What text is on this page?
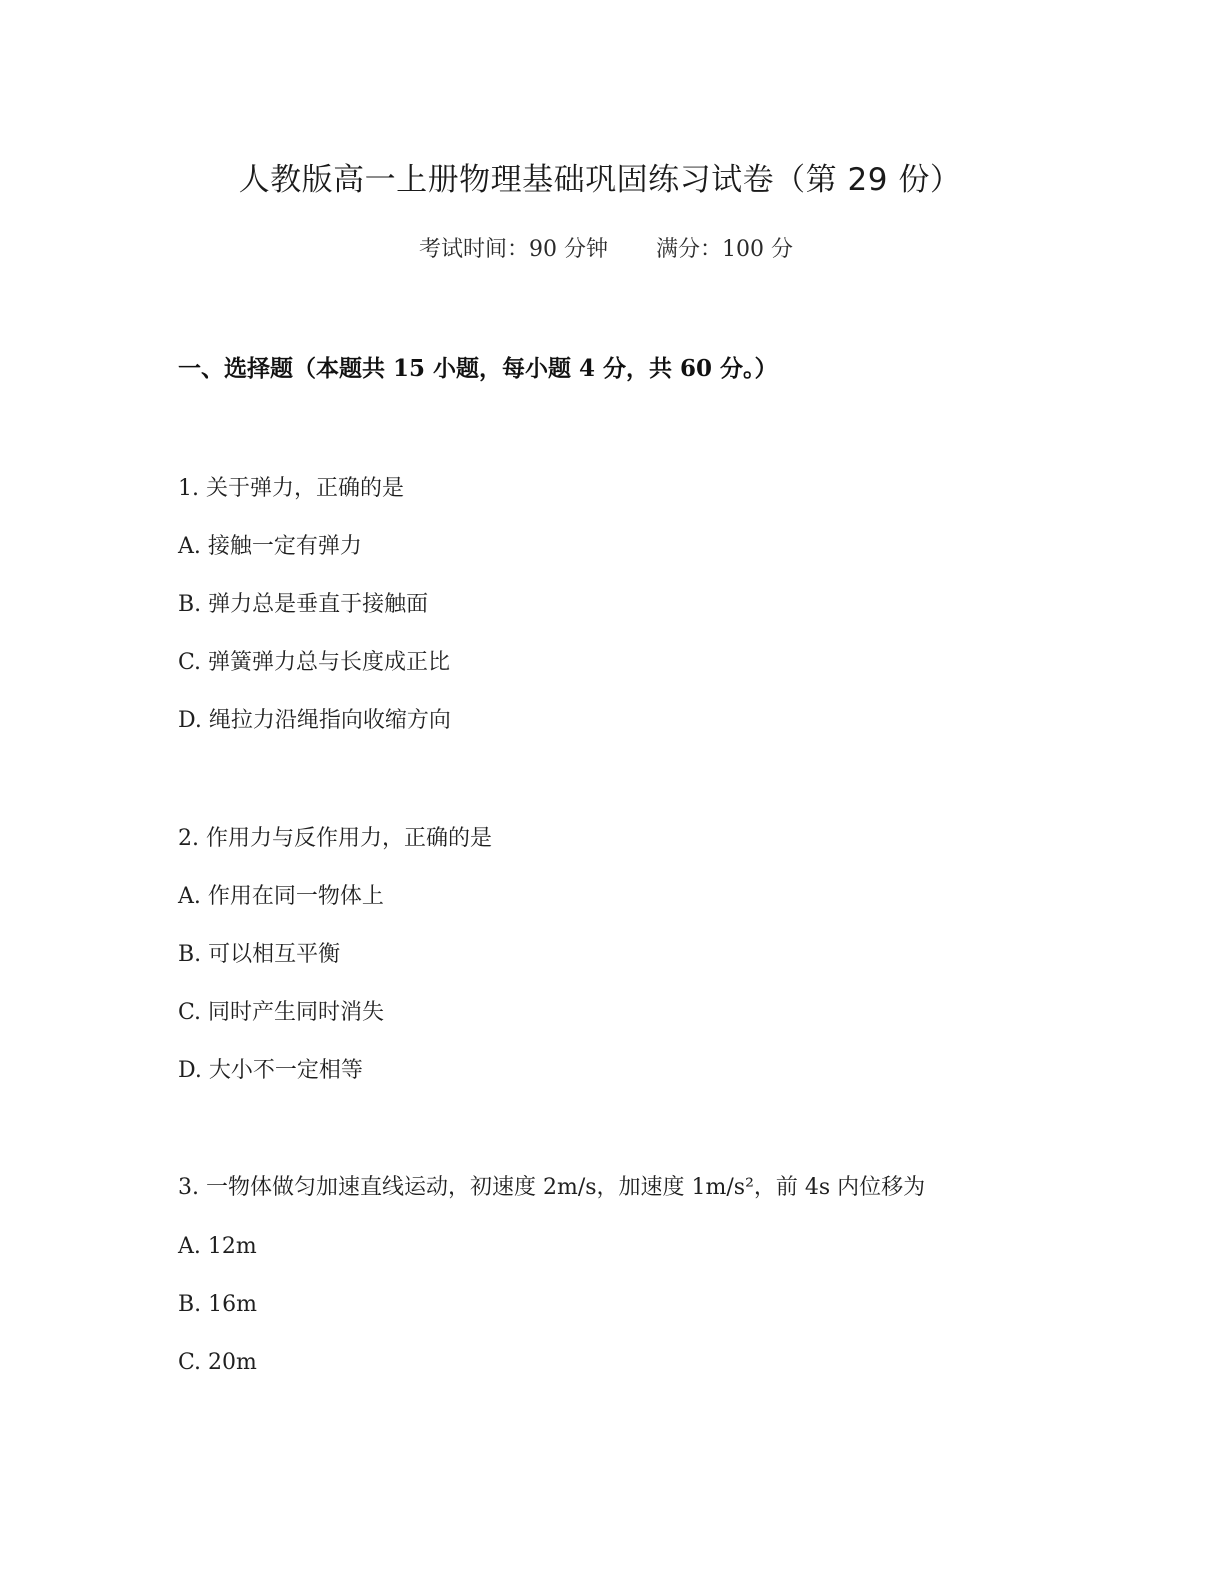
人教版高一上册物理基础巩固练习试卷（第 29 份）
考试时间：90 分钟 满分：100 分
一、选择题（本题共 15 小题，每小题 4 分，共 60 分。）
1. 关于弹力，正确的是
A. 接触一定有弹力
B. 弹力总是垂直于接触面
C. 弹簧弹力总与长度成正比
D. 绳拉力沿绳指向收缩方向
2. 作用力与反作用力，正确的是
A. 作用在同一物体上
B. 可以相互平衡
C. 同时产生同时消失
D. 大小不一定相等
3. 一物体做匀加速直线运动，初速度 2m/s，加速度 1m/s²，前 4s 内位移为
A. 12m
B. 16m
C. 20m
